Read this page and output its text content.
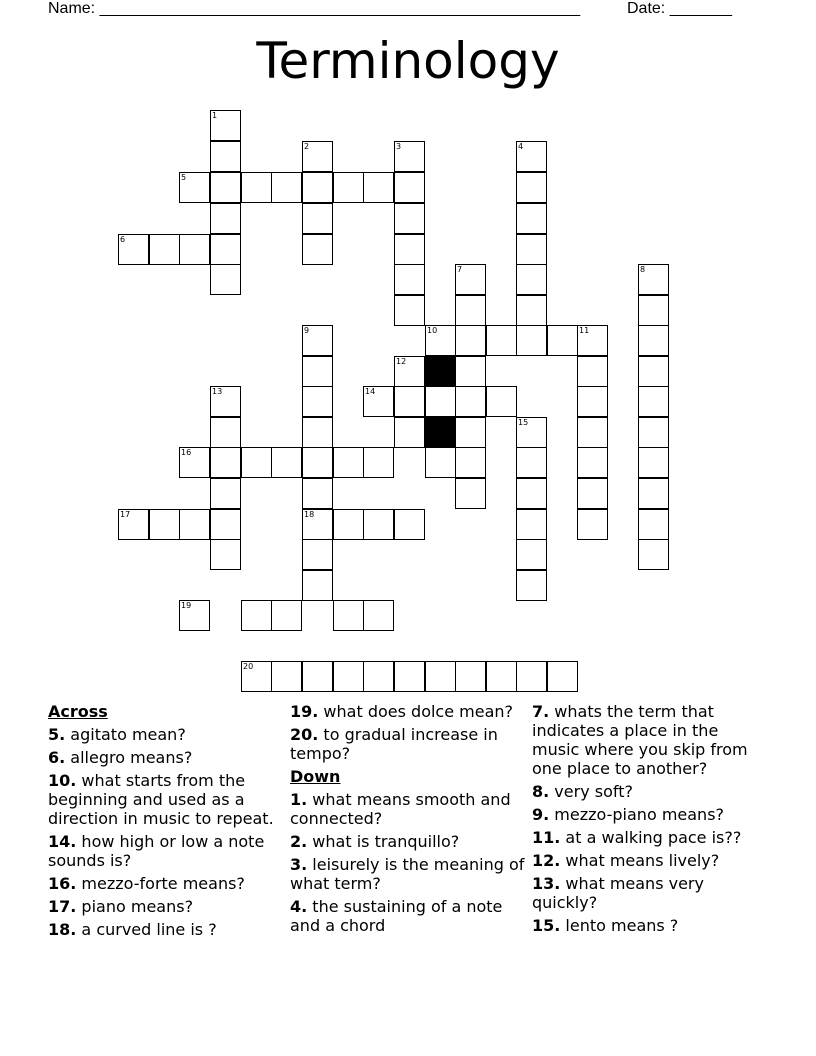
Name: ______________________________________________________	Date: _______
Terminology
1
2	3	4
5
6
7	8
9	10	11
12
13	14
15
16
17	18
19
20
Across
5. agitato mean?
6. allegro means?
10. what starts from the beginning and used as a direction in music to repeat.
14. how high or low a note sounds is?
16. mezzo-forte means?
17. piano means?
18. a curved line is ?
19. what does dolce mean?
20. to gradual increase in tempo?
Down
1. what means smooth and connected?
2. what is tranquillo?
3. leisurely is the meaning of what term?
4. the sustaining of a note and a chord
7. whats the term that indicates a place in the music where you skip from one place to another?
8. very soft?
9. mezzo-piano means?
11. at a walking pace is??
12. what means lively?
13. what means very quickly?
15. lento means ?
